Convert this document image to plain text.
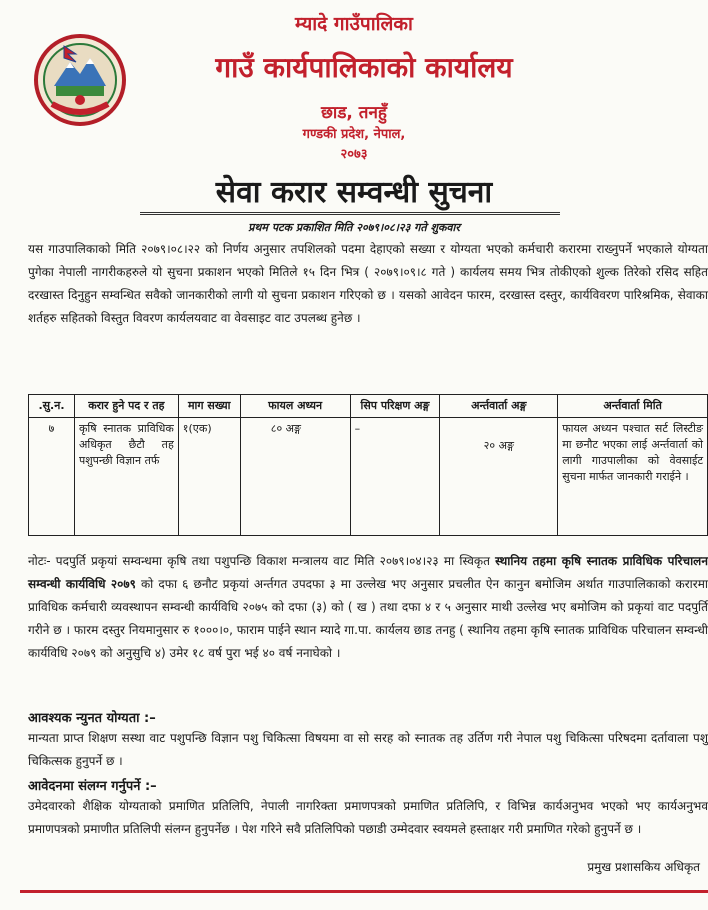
म्यादे गाउँपालिका
गाउँ कार्यपालिकाको कार्यालय
छाड, तनहुँ
गण्डकी प्रदेश, नेपाल,
२०७३
सेवा करार सम्वन्धी सुचना
प्रथम पटक प्रकाशित मिति २०७९।०८।२३ गते शुकवार
यस गाउपालिकाको मिति २०७९।०८।२२ को निर्णय अनुसार तपशिलको पदमा देहाएको सख्या र योग्यता भएको कर्मचारी करारमा राख्नुपर्ने भएकाले योग्यता पुगेका नेपाली नागरीकहरुले यो सुचना प्रकाशन भएको मितिले १५ दिन भित्र ( २०७९।०९।८ गते ) कार्यलय समय भित्र तोकीएको शुल्क तिरेको रसिद सहित दरखास्त दिनुहुन सम्वन्धित सवैको जानकारीको लागी यो सुचना प्रकाशन गरिएको छ । यसको आवेदन फारम, दरखास्त दस्तुर, कार्यविवरण पारिश्रमिक, सेवाका शर्तहरु सहितको विस्तुत विवरण कार्यलयवाट वा वेवसाइट वाट उपलब्ध हुनेछ ।
.सु.न.	करार हुने पद र तह	माग सख्या	फायल अध्यन	सिप परिक्षण अङ्ग	अर्न्तवार्ता अङ्ग	अर्न्तवार्ता मिति
७	कृषि स्नातक प्राविधिक अधिकृत छैटौ तह पशुपन्छी विज्ञान तर्फ	१(एक)	८० अङ्ग	–	२० अङ्ग	फायल अध्यन पश्चात सर्ट लिस्टीङ मा छनौट भएका लाई अर्न्तवार्ता को लागी गाउपालीका को वेवसाईट सुचना मार्फत जानकारी गराईने ।
नोटः- पदपुर्ति प्रकृयां सम्वन्धमा कृषि तथा पशुपन्छि विकाश मन्त्रालय वाट मिति २०७९।०४।२३ मा स्विकृत स्थानिय तहमा कृषि स्नातक प्राविधिक परिचालन सम्वन्धी कार्यविधि २०७९ को दफा ६ छनौट प्रकृयां अर्न्तगत उपदफा ३ मा उल्लेख भए अनुसार प्रचलीत ऐन कानुन बमोजिम अर्थात गाउपालिकाको करारमा प्राविधिक कर्मचारी व्यवस्थापन सम्वन्धी कार्यविधि २०७५ को दफा (३) को ( ख ) तथा दफा ४ र ५ अनुसार माथी उल्लेख भए बमोजिम को प्रकृयां वाट पदपुर्ति गरीने छ । फारम दस्तुर नियमानुसार रु १०००।०, फाराम पाईने स्थान म्यादे गा.पा. कार्यलय छाड तनहु ( स्थानिय तहमा कृषि स्नातक प्राविधिक परिचालन सम्वन्धी कार्यविधि २०७९ को अनुसुचि ४) उमेर १८ वर्ष पुरा भई ४० वर्ष ननाघेको ।
आवश्यक न्युनत योग्यता :–
मान्यता प्राप्त शिक्षण सस्था वाट पशुपन्छि विज्ञान पशु चिकित्सा विषयमा वा सो सरह को स्नातक तह उर्तिण गरी नेपाल पशु चिकित्सा परिषदमा दर्तावाला पशु चिकित्सक हुनुपर्ने छ ।
आवेदनमा संलग्न गर्नुपर्ने :–
उमेदवारको शैक्षिक योग्यताको प्रमाणित प्रतिलिपि, नेपाली नागरिक्ता प्रमाणपत्रको प्रमाणित प्रतिलिपि, र विभिन्न कार्यअनुभव भएको भए कार्यअनुभव प्रमाणपत्रको प्रमाणीत प्रतिलिपी संलग्न हुनुपर्नेछ । पेश गरिने सवै प्रतिलिपिको पछाडी उम्मेदवार स्वयमले हस्ताक्षर गरी प्रमाणित गरेको हुनुपर्ने छ ।
प्रमुख प्रशासकिय अधिकृत
